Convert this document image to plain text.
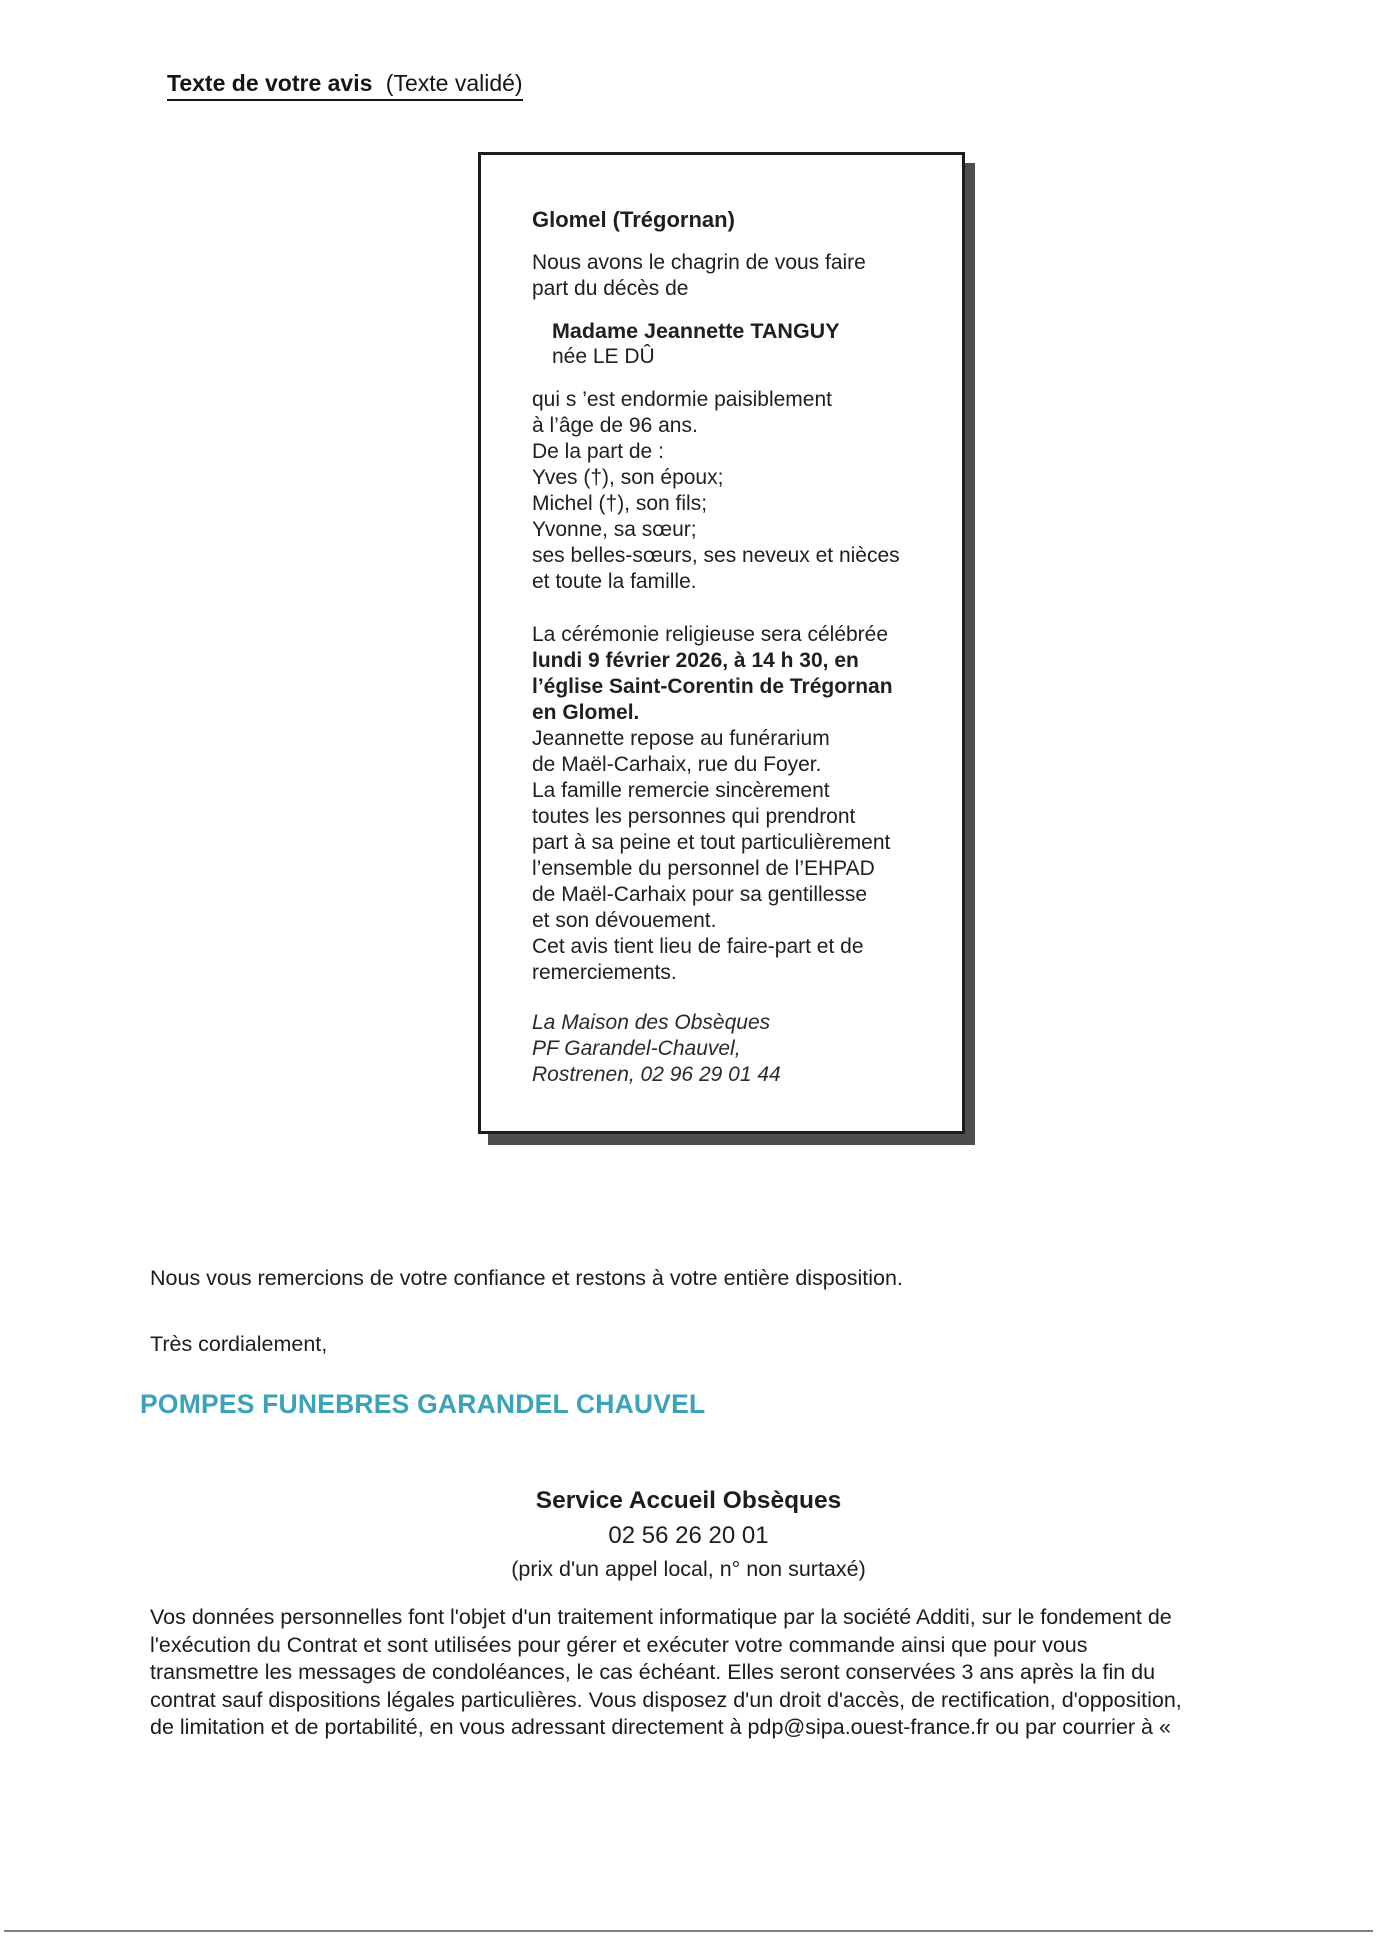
Texte de votre avis (Texte validé)
Glomel (Trégornan)
Nous avons le chagrin de vous faire
part du décès de
Madame Jeannette TANGUY
née LE DÛ
qui s ’est endormie paisiblement
à l’âge de 96 ans.
De la part de :
Yves (†), son époux;
Michel (†), son fils;
Yvonne, sa sœur;
ses belles-sœurs, ses neveux et nièces
et toute la famille.
La cérémonie religieuse sera célébrée
lundi 9 février 2026, à 14 h 30, en
l’église Saint-Corentin de Trégornan
en Glomel.
Jeannette repose au funérarium
de Maël-Carhaix, rue du Foyer.
La famille remercie sincèrement
toutes les personnes qui prendront
part à sa peine et tout particulièrement
l’ensemble du personnel de l’EHPAD
de Maël-Carhaix pour sa gentillesse
et son dévouement.
Cet avis tient lieu de faire-part et de
remerciements.
La Maison des Obsèques
PF Garandel-Chauvel,
Rostrenen, 02 96 29 01 44
Nous vous remercions de votre confiance et restons à votre entière disposition.
Très cordialement,
POMPES FUNEBRES GARANDEL CHAUVEL
Service Accueil Obsèques
02 56 26 20 01
(prix d'un appel local, n° non surtaxé)
Vos données personnelles font l'objet d'un traitement informatique par la société Additi, sur le fondement de
l'exécution du Contrat et sont utilisées pour gérer et exécuter votre commande ainsi que pour vous
transmettre les messages de condoléances, le cas échéant. Elles seront conservées 3 ans après la fin du
contrat sauf dispositions légales particulières. Vous disposez d'un droit d'accès, de rectification, d'opposition,
de limitation et de portabilité, en vous adressant directement à pdp@sipa.ouest-france.fr ou par courrier à «
